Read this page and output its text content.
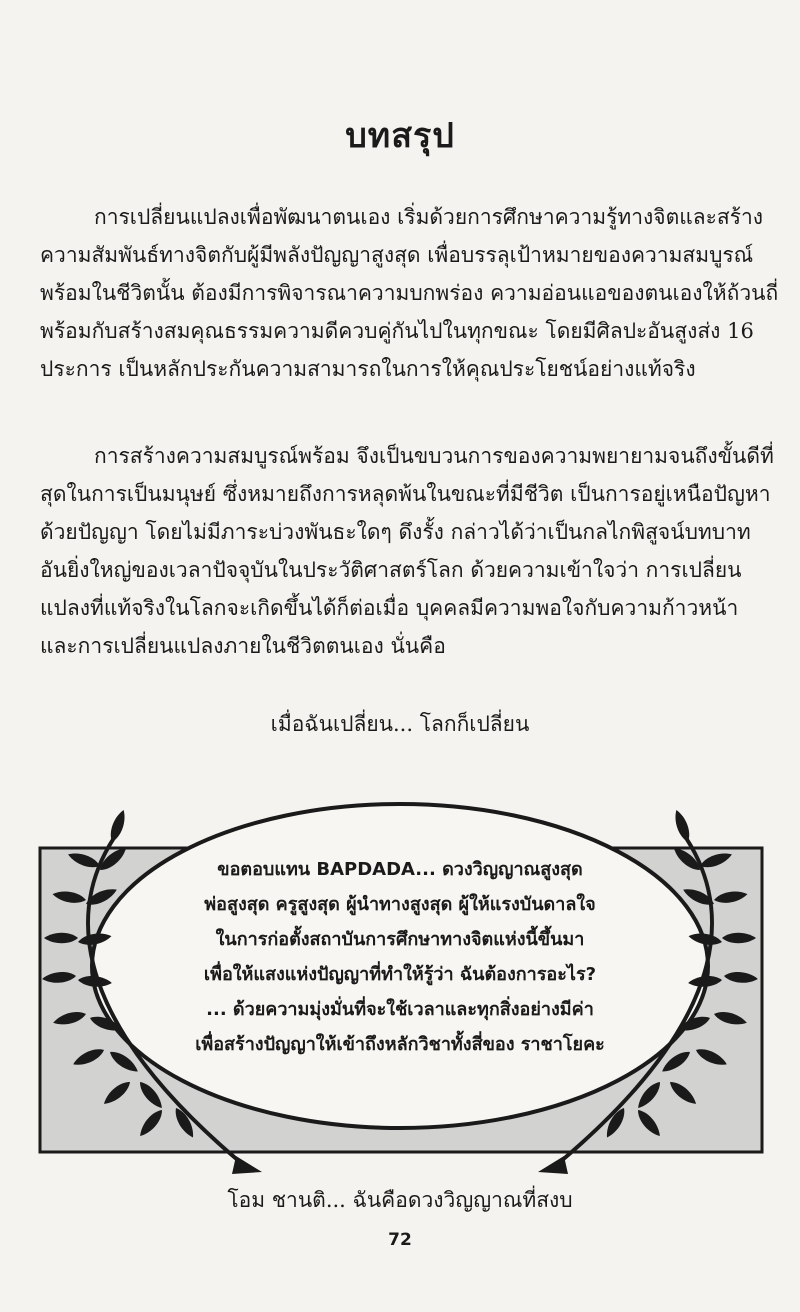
บทสรุป
การเปลี่ยนแปลงเพื่อพัฒนาตนเอง เริ่มด้วยการศึกษาความรู้ทางจิตและสร้าง
ความสัมพันธ์ทางจิตกับผู้มีพลังปัญญาสูงสุด เพื่อบรรลุเป้าหมายของความสมบูรณ์
พร้อมในชีวิตนั้น ต้องมีการพิจารณาความบกพร่อง ความอ่อนแอของตนเองให้ถ้วนถี่
พร้อมกับสร้างสมคุณธรรมความดีควบคู่กันไปในทุกขณะ โดยมีศิลปะอันสูงส่ง 16
ประการ เป็นหลักประกันความสามารถในการให้คุณประโยชน์อย่างแท้จริง
การสร้างความสมบูรณ์พร้อม จึงเป็นขบวนการของความพยายามจนถึงขั้นดีที่
สุดในการเป็นมนุษย์ ซึ่งหมายถึงการหลุดพ้นในขณะที่มีชีวิต เป็นการอยู่เหนือปัญหา
ด้วยปัญญา โดยไม่มีภาระบ่วงพันธะใดๆ ดึงรั้ง กล่าวได้ว่าเป็นกลไกพิสูจน์บทบาท
อันยิ่งใหญ่ของเวลาปัจจุบันในประวัติศาสตร์โลก ด้วยความเข้าใจว่า การเปลี่ยน
แปลงที่แท้จริงในโลกจะเกิดขึ้นได้ก็ต่อเมื่อ บุคคลมีความพอใจกับความก้าวหน้า
และการเปลี่ยนแปลงภายในชีวิตตนเอง นั่นคือ
เมื่อฉันเปลี่ยน... โลกก็เปลี่ยน
ขอตอบแทน BAPDADA... ดวงวิญญาณสูงสุด
พ่อสูงสุด ครูสูงสุด ผู้นำทางสูงสุด ผู้ให้แรงบันดาลใจ
ในการก่อตั้งสถาบันการศึกษาทางจิตแห่งนี้ขึ้นมา
เพื่อให้แสงแห่งปัญญาที่ทำให้รู้ว่า ฉันต้องการอะไร?
... ด้วยความมุ่งมั่นที่จะใช้เวลาและทุกสิ่งอย่างมีค่า
เพื่อสร้างปัญญาให้เข้าถึงหลักวิชาทั้งสี่ของ ราชาโยคะ
โอม ชานติ... ฉันคือดวงวิญญาณที่สงบ
72
